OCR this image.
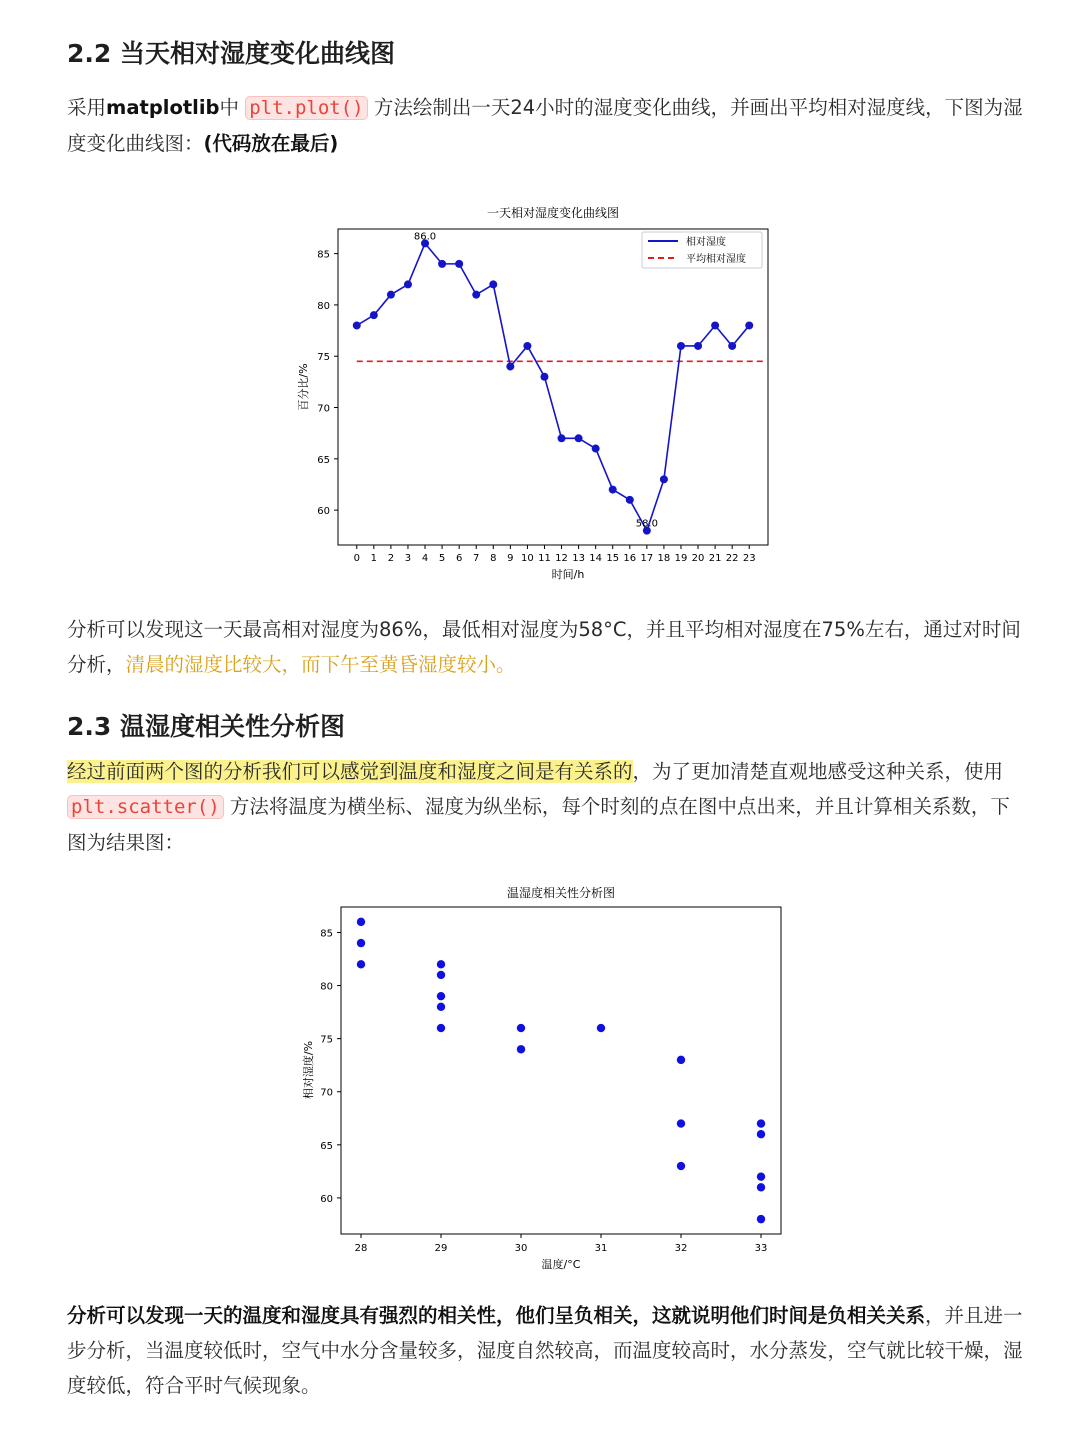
2.2 当天相对湿度变化曲线图

采用matplotlib中 plt.plot() 方法绘制出一天24小时的湿度变化曲线，并画出平均相对湿度线，下图为湿度变化曲线图：(代码放在最后)

一天相对湿度变化曲线图
时间/h
百分比/%
0 1 2 3 4 5 6 7 8 9 10 11 12 13 14 15 16 17 18 19 20 21 22 23
60
65
70
75
80
85
86.0
58.0
相对湿度
平均相对湿度

分析可以发现这一天最高相对湿度为86%，最低相对湿度为58°C，并且平均相对湿度在75%左右，通过对时间分析，清晨的湿度比较大，而下午至黄昏湿度较小。

2.3 温湿度相关性分析图

经过前面两个图的分析我们可以感觉到温度和湿度之间是有关系的，为了更加清楚直观地感受这种关系，使用 plt.scatter() 方法将温度为横坐标、湿度为纵坐标，每个时刻的点在图中点出来，并且计算相关系数，下图为结果图：

温湿度相关性分析图
温度/°C
相对湿度/%
28	29	30	31	32	33
60
65
70
75
80
85

分析可以发现一天的温度和湿度具有强烈的相关性，他们呈负相关，这就说明他们时间是负相关关系，并且进一步分析，当温度较低时，空气中水分含量较多，湿度自然较高，而温度较高时，水分蒸发，空气就比较干燥，湿度较低，符合平时气候现象。
